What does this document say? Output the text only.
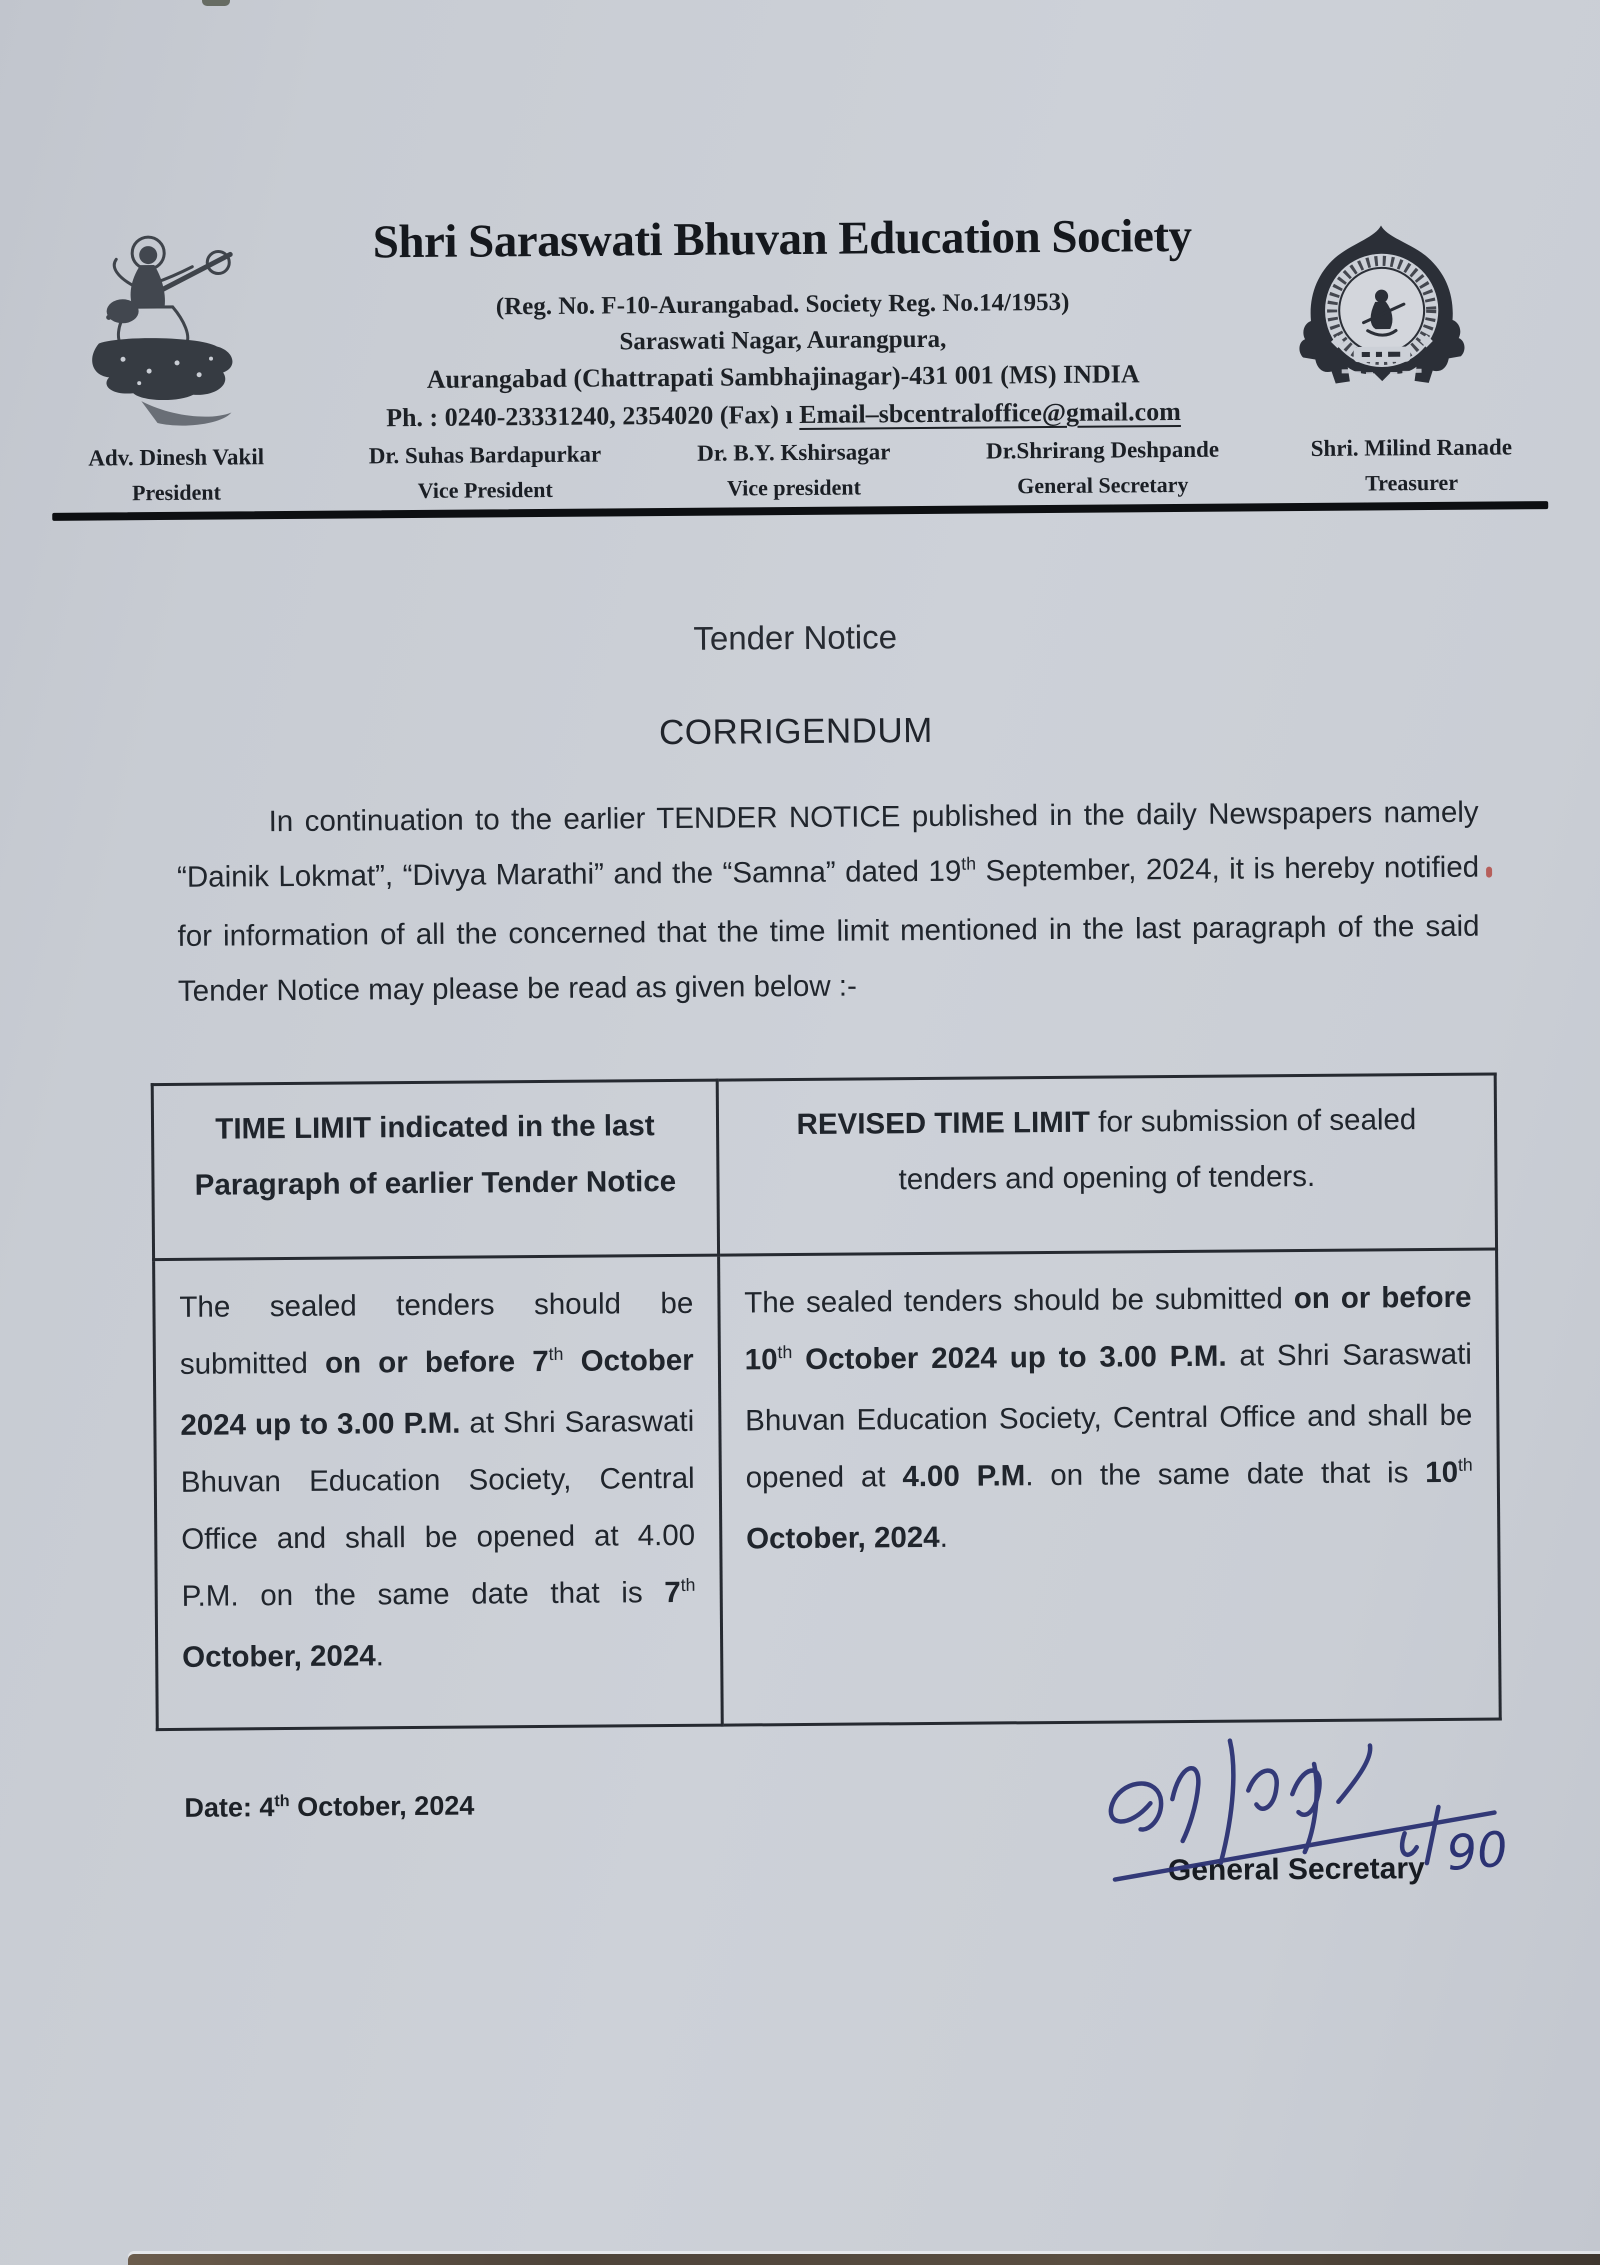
Shri Saraswati Bhuvan Education Society
(Reg. No. F-10-Aurangabad. Society Reg. No.14/1953)
Saraswati Nagar, Aurangpura,
Aurangabad (Chattrapati Sambhajinagar)-431 001 (MS) INDIA
Ph. : 0240-23331240, 2354020 (Fax) ı Email–sbcentraloffice@gmail.com
Adv. Dinesh Vakil
President
Dr. Suhas Bardapurkar
Vice President
Dr. B.Y. Kshirsagar
Vice president
Dr.Shrirang Deshpande
General Secretary
Shri. Milind Ranade
Treasurer
Tender Notice
CORRIGENDUM
In continuation to the earlier TENDER NOTICE published in the daily Newspapers namely “Dainik Lokmat”, “Divya Marathi” and the “Samna” dated 19th September, 2024, it is hereby notified for information of all the concerned that the time limit mentioned in the last paragraph of the said Tender Notice may please be read as given below :-
TIME LIMIT indicated in the last Paragraph of earlier Tender Notice	REVISED TIME LIMIT for submission of sealed tenders and opening of tenders.
The sealed tenders should be submitted on or before 7th October 2024 up to 3.00 P.M. at Shri Saraswati Bhuvan Education Society, Central Office and shall be opened at 4.00 P.M. on the same date that is 7th October, 2024.	The sealed tenders should be submitted on or before 10th October 2024 up to 3.00 P.M. at Shri Saraswati Bhuvan Education Society, Central Office and shall be opened at 4.00 P.M. on the same date that is 10th October, 2024.
Date: 4th October, 2024
General Secretary 90
